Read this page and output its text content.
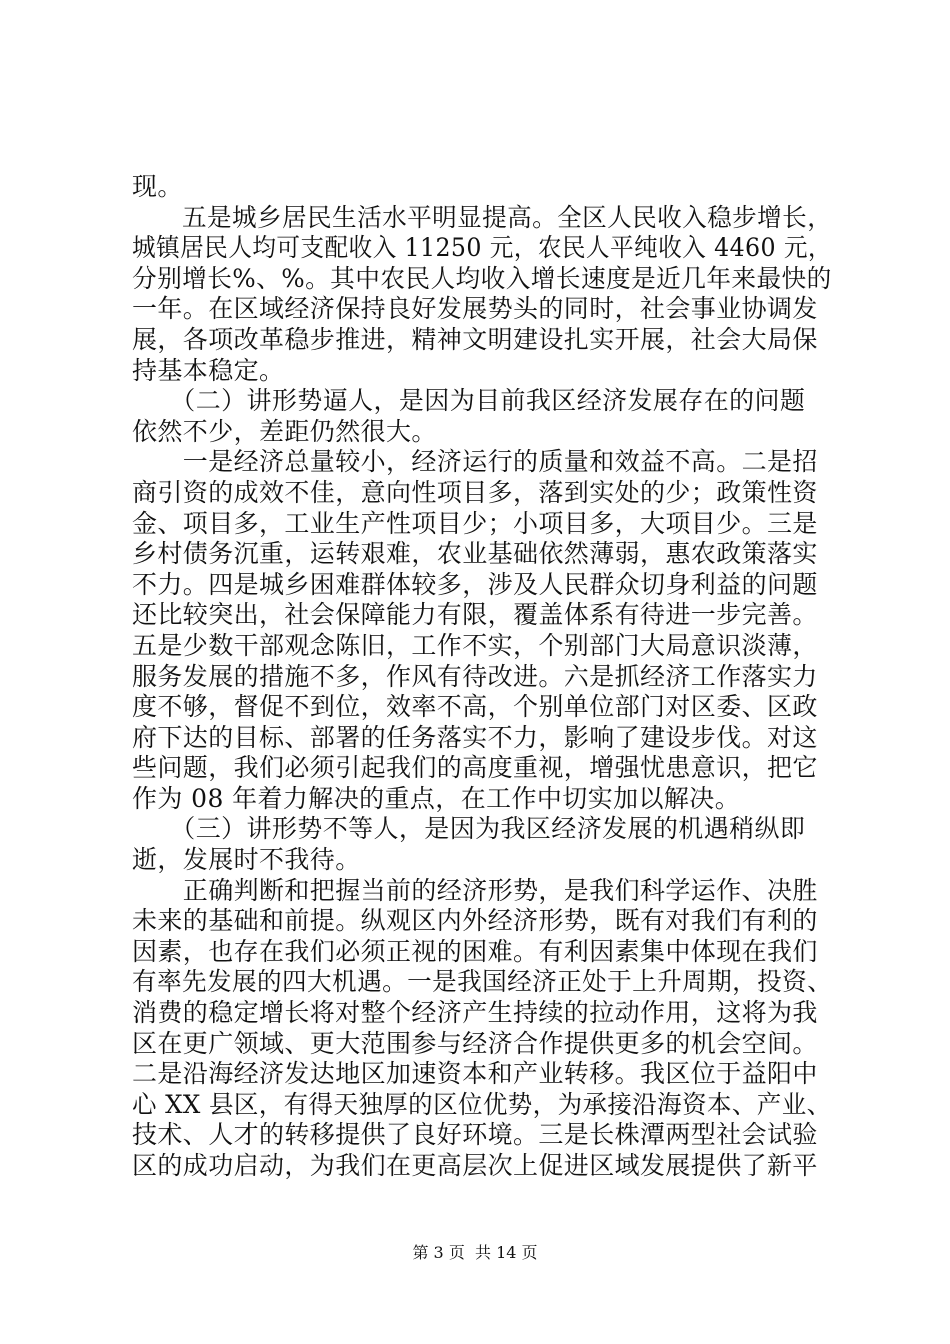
现。
　　五是城乡居民生活水平明显提高。全区人民收入稳步增长，
城镇居民人均可支配收入 11250 元，农民人平纯收入 4460 元，
分别增长%、%。其中农民人均收入增长速度是近几年来最快的
一年。在区域经济保持良好发展势头的同时，社会事业协调发
展，各项改革稳步推进，精神文明建设扎实开展，社会大局保
持基本稳定。
　　（二）讲形势逼人，是因为目前我区经济发展存在的问题
依然不少，差距仍然很大。
　　一是经济总量较小，经济运行的质量和效益不高。二是招
商引资的成效不佳，意向性项目多，落到实处的少；政策性资
金、项目多，工业生产性项目少；小项目多，大项目少。三是
乡村债务沉重，运转艰难，农业基础依然薄弱，惠农政策落实
不力。四是城乡困难群体较多，涉及人民群众切身利益的问题
还比较突出，社会保障能力有限，覆盖体系有待进一步完善。
五是少数干部观念陈旧，工作不实，个别部门大局意识淡薄，
服务发展的措施不多，作风有待改进。六是抓经济工作落实力
度不够，督促不到位，效率不高，个别单位部门对区委、区政
府下达的目标、部署的任务落实不力，影响了建设步伐。对这
些问题，我们必须引起我们的高度重视，增强忧患意识，把它
作为 08 年着力解决的重点，在工作中切实加以解决。
　　（三）讲形势不等人，是因为我区经济发展的机遇稍纵即
逝，发展时不我待。
　　正确判断和把握当前的经济形势，是我们科学运作、决胜
未来的基础和前提。纵观区内外经济形势，既有对我们有利的
因素，也存在我们必须正视的困难。有利因素集中体现在我们
有率先发展的四大机遇。一是我国经济正处于上升周期，投资、
消费的稳定增长将对整个经济产生持续的拉动作用，这将为我
区在更广领域、更大范围参与经济合作提供更多的机会空间。
二是沿海经济发达地区加速资本和产业转移。我区位于益阳中
心 XX 县区，有得天独厚的区位优势，为承接沿海资本、产业、
技术、人才的转移提供了良好环境。三是长株潭两型社会试验
区的成功启动，为我们在更高层次上促进区域发展提供了新平
第 3 页  共 14 页
